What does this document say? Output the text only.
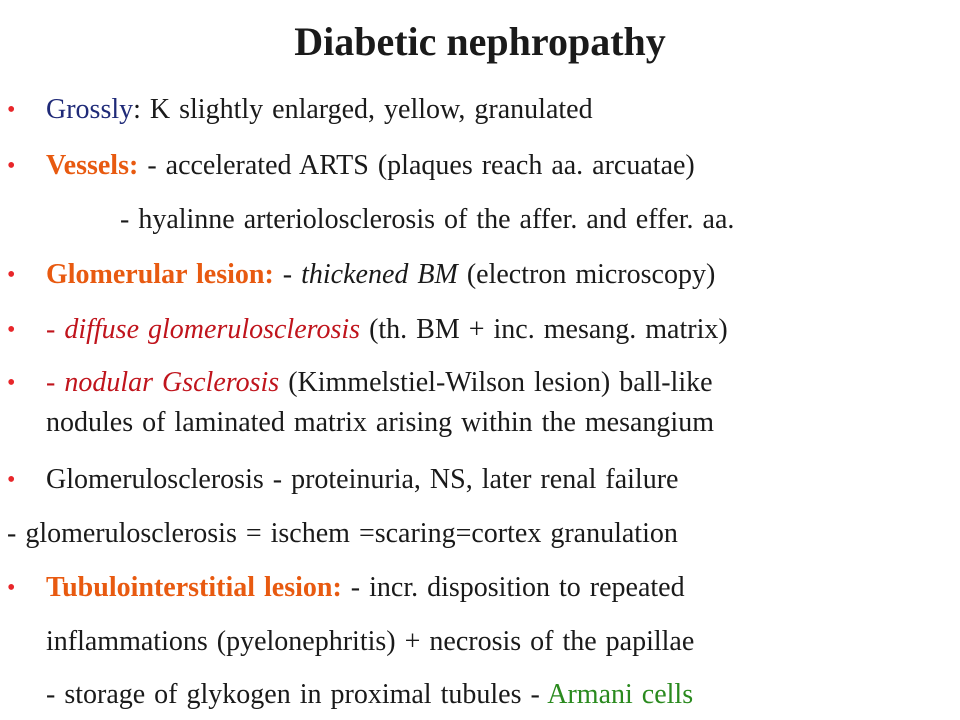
Diabetic nephropathy
• Grossly: K slightly enlarged, yellow, granulated
• Vessels: - accelerated ARTS (plaques reach aa. arcuatae)
- hyalinne arteriolosclerosis of the affer. and effer. aa.
• Glomerular lesion: - thickened BM (electron microscopy)
• - diffuse glomerulosclerosis (th. BM + inc. mesang. matrix)
• - nodular Gsclerosis (Kimmelstiel-Wilson lesion) ball-like
nodules of laminated matrix arising within the mesangium
• Glomerulosclerosis - proteinuria, NS, later renal failure
- glomerulosclerosis = ischem =scaring=cortex granulation
• Tubulointerstitial lesion: - incr. disposition to repeated
inflammations (pyelonephritis) + necrosis of the papillae
- storage of glykogen in proximal tubules - Armani cells
